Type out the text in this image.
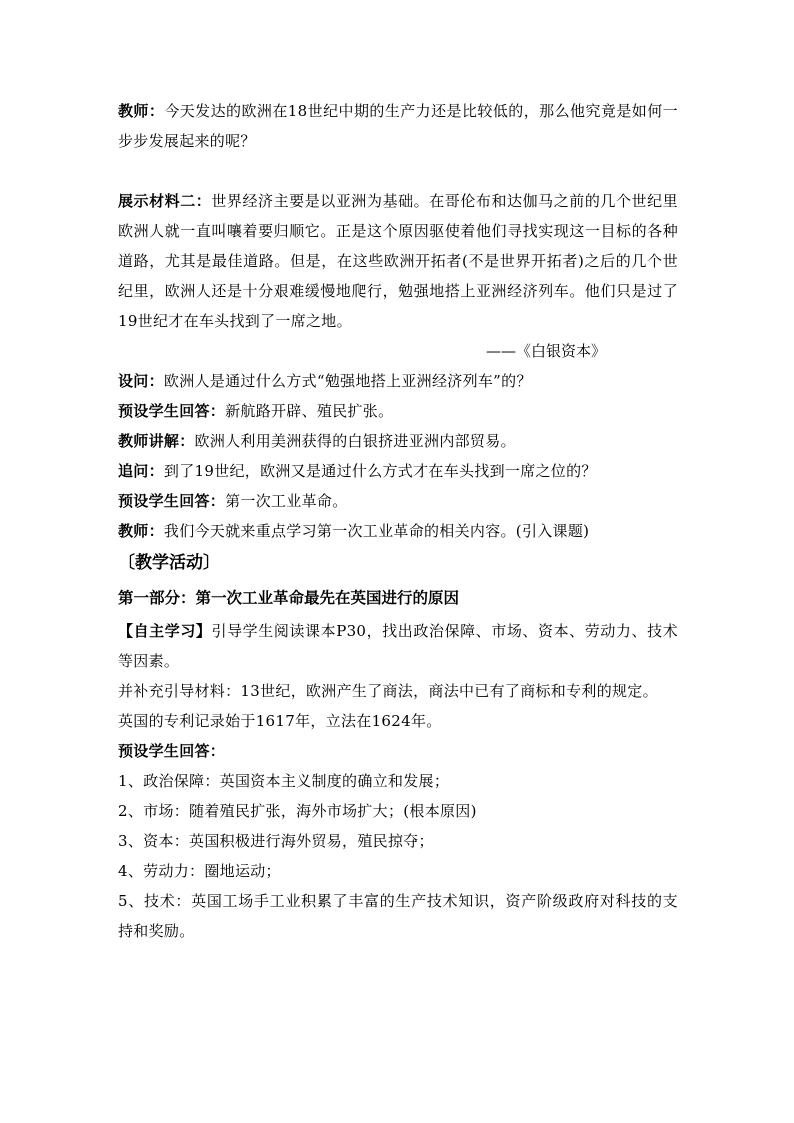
教师：今天发达的欧洲在18世纪中期的生产力还是比较低的，那么他究竟是如何一步步发展起来的呢？

展示材料二：世界经济主要是以亚洲为基础。在哥伦布和达伽马之前的几个世纪里欧洲人就一直叫嚷着要归顺它。正是这个原因驱使着他们寻找实现这一目标的各种道路，尤其是最佳道路。但是，在这些欧洲开拓者(不是世界开拓者)之后的几个世纪里，欧洲人还是十分艰难缓慢地爬行，勉强地搭上亚洲经济列车。他们只是过了19世纪才在车头找到了一席之地。

——《白银资本》

设问：欧洲人是通过什么方式“勉强地搭上亚洲经济列车”的？

预设学生回答：新航路开辟、殖民扩张。

教师讲解：欧洲人利用美洲获得的白银挤进亚洲内部贸易。

追问：到了19世纪，欧洲又是通过什么方式才在车头找到一席之位的？

预设学生回答：第一次工业革命。

教师：我们今天就来重点学习第一次工业革命的相关内容。(引入课题)

〔教学活动〕

第一部分：第一次工业革命最先在英国进行的原因

【自主学习】引导学生阅读课本P30，找出政治保障、市场、资本、劳动力、技术等因素。

并补充引导材料：13世纪，欧洲产生了商法，商法中已有了商标和专利的规定。

英国的专利记录始于1617年，立法在1624年。

预设学生回答：

1、政治保障：英国资本主义制度的确立和发展；

2、市场：随着殖民扩张，海外市场扩大；(根本原因)

3、资本：英国积极进行海外贸易，殖民掠夺；

4、劳动力：圈地运动；

5、技术：英国工场手工业积累了丰富的生产技术知识，资产阶级政府对科技的支持和奖励。
